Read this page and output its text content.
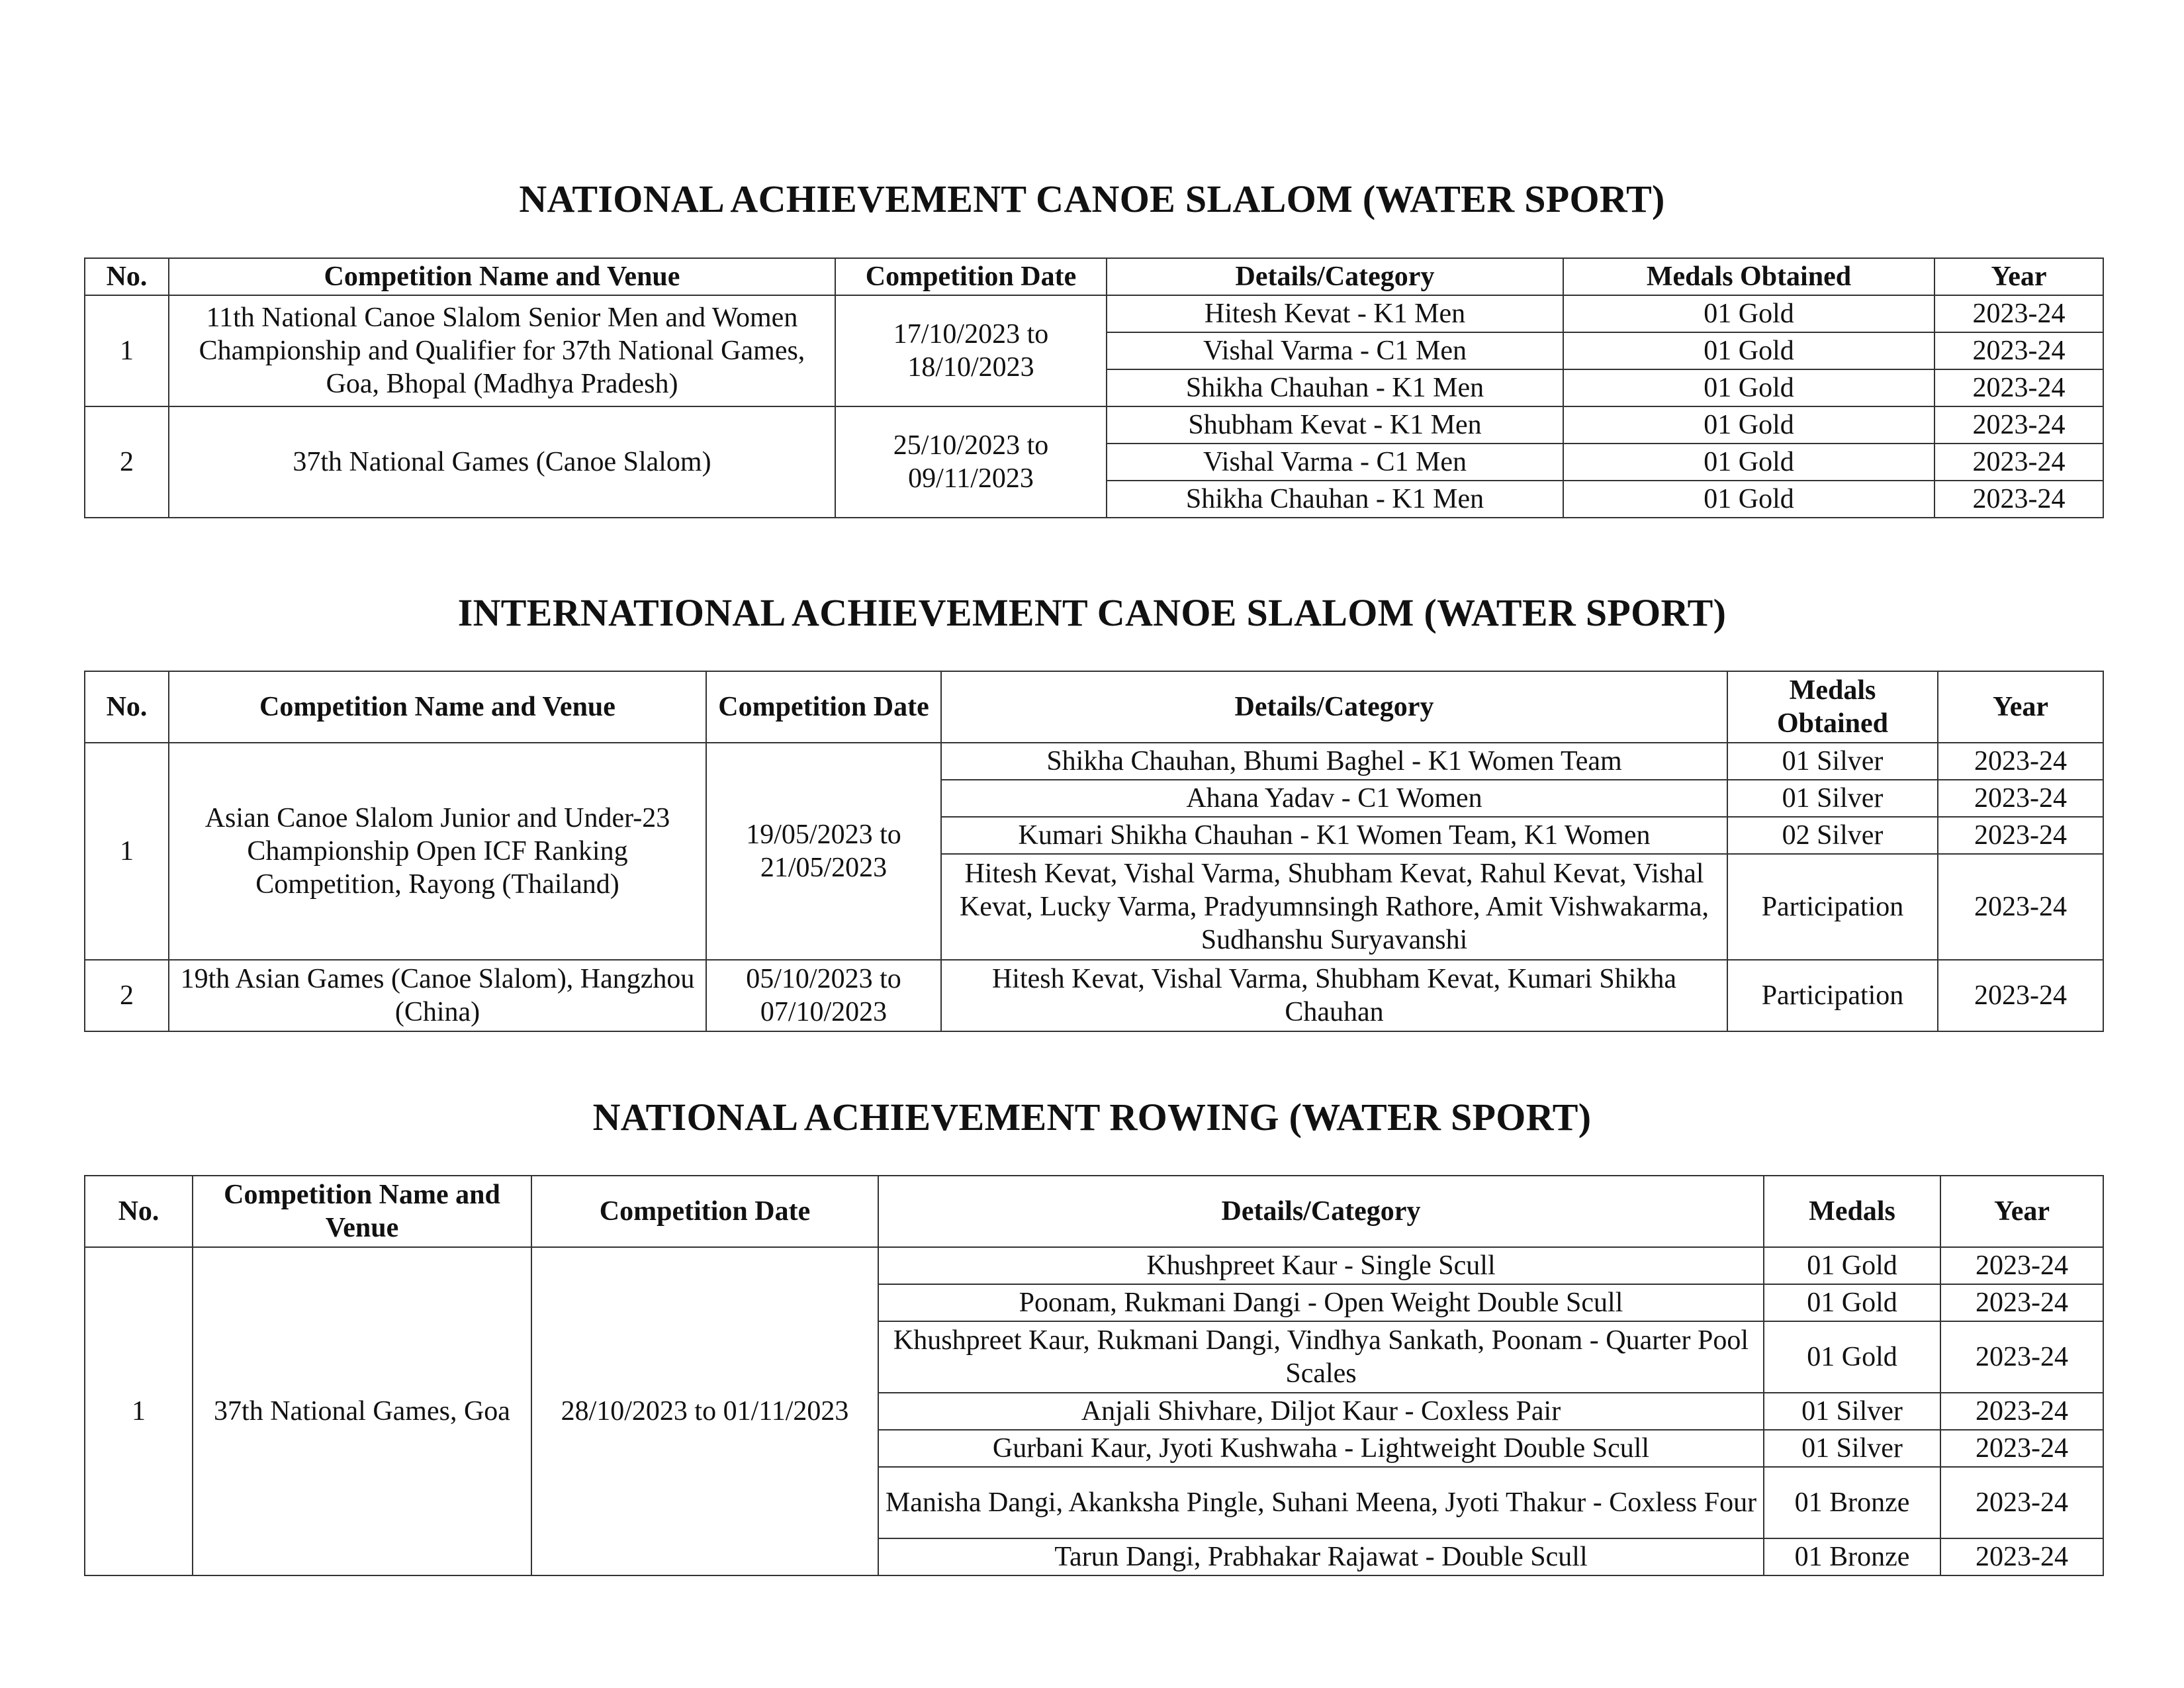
NATIONAL ACHIEVEMENT CANOE SLALOM (WATER SPORT)
No.	Competition Name and Venue	Competition Date	Details/Category	Medals Obtained	Year
1	11th National Canoe Slalom Senior Men and Women Championship and Qualifier for 37th National Games, Goa, Bhopal (Madhya Pradesh)	17/10/2023 to 18/10/2023	Hitesh Kevat - K1 Men	01 Gold	2023-24
			Vishal Varma - C1 Men	01 Gold	2023-24
			Shikha Chauhan - K1 Men	01 Gold	2023-24
2	37th National Games (Canoe Slalom)	25/10/2023 to 09/11/2023	Shubham Kevat - K1 Men	01 Gold	2023-24
			Vishal Varma - C1 Men	01 Gold	2023-24
			Shikha Chauhan - K1 Men	01 Gold	2023-24
INTERNATIONAL ACHIEVEMENT CANOE SLALOM (WATER SPORT)
No.	Competition Name and Venue	Competition Date	Details/Category	Medals Obtained	Year
1	Asian Canoe Slalom Junior and Under-23 Championship Open ICF Ranking Competition, Rayong (Thailand)	19/05/2023 to 21/05/2023	Shikha Chauhan, Bhumi Baghel - K1 Women Team	01 Silver	2023-24
			Ahana Yadav - C1 Women	01 Silver	2023-24
			Kumari Shikha Chauhan - K1 Women Team, K1 Women	02 Silver	2023-24
			Hitesh Kevat, Vishal Varma, Shubham Kevat, Rahul Kevat, Vishal Kevat, Lucky Varma, Pradyumnsingh Rathore, Amit Vishwakarma, Sudhanshu Suryavanshi	Participation	2023-24
2	19th Asian Games (Canoe Slalom), Hangzhou (China)	05/10/2023 to 07/10/2023	Hitesh Kevat, Vishal Varma, Shubham Kevat, Kumari Shikha Chauhan	Participation	2023-24
NATIONAL ACHIEVEMENT ROWING (WATER SPORT)
No.	Competition Name and Venue	Competition Date	Details/Category	Medals	Year
1	37th National Games, Goa	28/10/2023 to 01/11/2023	Khushpreet Kaur - Single Scull	01 Gold	2023-24
			Poonam, Rukmani Dangi - Open Weight Double Scull	01 Gold	2023-24
			Khushpreet Kaur, Rukmani Dangi, Vindhya Sankath, Poonam - Quarter Pool Scales	01 Gold	2023-24
			Anjali Shivhare, Diljot Kaur - Coxless Pair	01 Silver	2023-24
			Gurbani Kaur, Jyoti Kushwaha - Lightweight Double Scull	01 Silver	2023-24
			Manisha Dangi, Akanksha Pingle, Suhani Meena, Jyoti Thakur - Coxless Four	01 Bronze	2023-24
			Tarun Dangi, Prabhakar Rajawat - Double Scull	01 Bronze	2023-24
